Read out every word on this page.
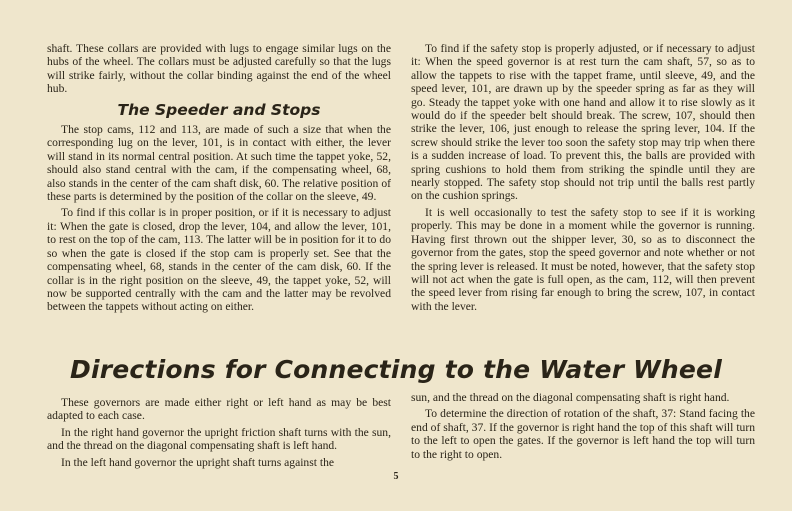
shaft. These collars are provided with lugs to engage similar lugs on the hubs of the wheel. The collars must be adjusted carefully so that the lugs will strike fairly, without the collar binding against the end of the wheel hub.

The Speeder and Stops

The stop cams, 112 and 113, are made of such a size that when the corresponding lug on the lever, 101, is in contact with either, the lever will stand in its normal central position. At such time the tappet yoke, 52, should also stand central with the cam, if the compensating wheel, 68, also stands in the center of the cam shaft disk, 60. The relative position of these parts is determined by the position of the collar on the sleeve, 49.

To find if this collar is in proper position, or if it is necessary to adjust it: When the gate is closed, drop the lever, 104, and allow the lever, 101, to rest on the top of the cam, 113. The latter will be in position for it to do so when the gate is closed if the stop cam is properly set. See that the compensating wheel, 68, stands in the center of the cam disk, 60. If the collar is in the right position on the sleeve, 49, the tappet yoke, 52, will now be supported centrally with the cam and the latter may be revolved between the tappets without acting on either.

To find if the safety stop is properly adjusted, or if necessary to adjust it: When the speed governor is at rest turn the cam shaft, 57, so as to allow the tappets to rise with the tappet frame, until sleeve, 49, and the speed lever, 101, are drawn up by the speeder spring as far as they will go. Steady the tappet yoke with one hand and allow it to rise slowly as it would do if the speeder belt should break. The screw, 107, should then strike the lever, 106, just enough to release the spring lever, 104. If the screw should strike the lever too soon the safety stop may trip when there is a sudden increase of load. To prevent this, the balls are provided with spring cushions to hold them from striking the spindle until they are nearly stopped. The safety stop should not trip until the balls rest partly on the cushion springs.

It is well occasionally to test the safety stop to see if it is working properly. This may be done in a moment while the governor is running. Having first thrown out the shipper lever, 30, so as to disconnect the governor from the gates, stop the speed governor and note whether or not the spring lever is released. It must be noted, however, that the safety stop will not act when the gate is full open, as the cam, 112, will then prevent the speed lever from rising far enough to bring the screw, 107, in contact with the lever.

Directions for Connecting to the Water Wheel

These governors are made either right or left hand as may be best adapted to each case.

In the right hand governor the upright friction shaft turns with the sun, and the thread on the diagonal compensating shaft is left hand.

In the left hand governor the upright shaft turns against the

sun, and the thread on the diagonal compensating shaft is right hand.

To determine the direction of rotation of the shaft, 37: Stand facing the end of shaft, 37. If the governor is right hand the top of this shaft will turn to the left to open the gates. If the governor is left hand the top will turn to the right to open.

5
